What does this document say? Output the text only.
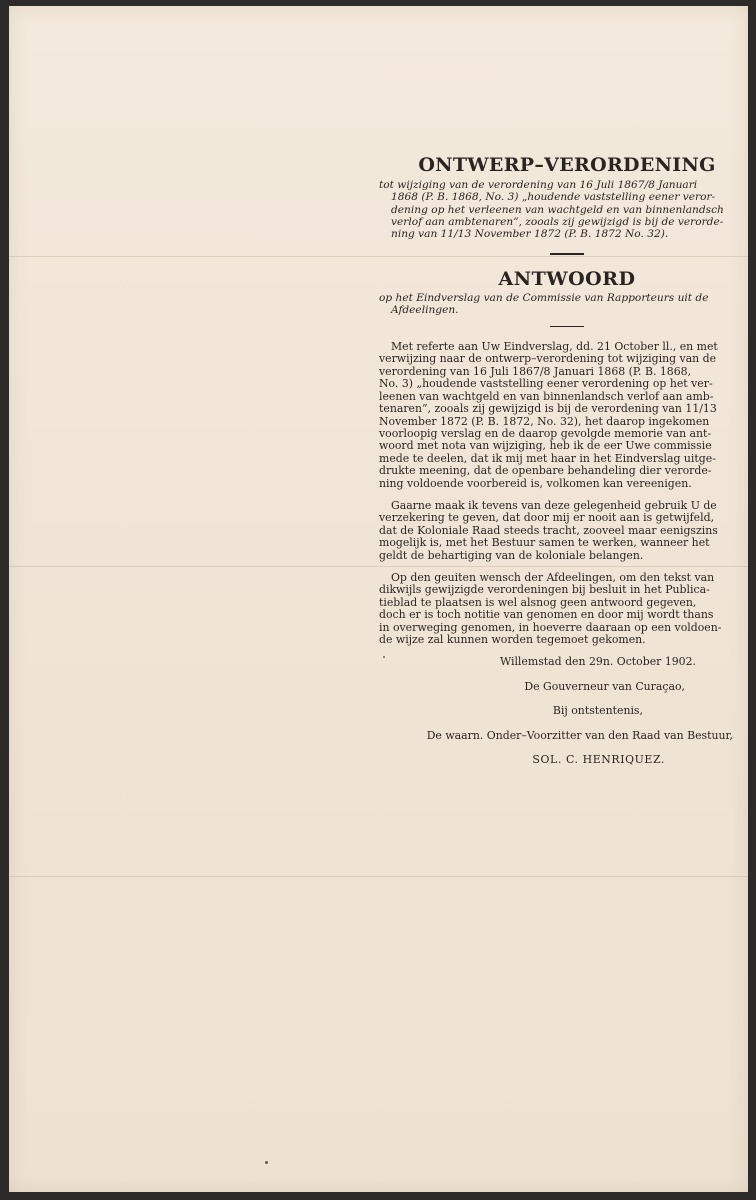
ONTWERP–VERORDENING

tot wijziging van de verordening van 16 Juli 1867/8 Januari
1868 (P. B. 1868, No. 3) „houdende vaststelling eener veror-
dening op het verleenen van wachtgeld en van binnenlandsch
verlof aan ambtenaren”, zooals zij gewijzigd is bij de verorde-
ning van 11/13 November 1872 (P. B. 1872 No. 32).

ANTWOORD

op het Eindverslag van de Commissie van Rapporteurs uit de
Afdeelingen.

Met referte aan Uw Eindverslag, dd. 21 October ll., en met
verwijzing naar de ontwerp–verordening tot wijziging van de
verordening van 16 Juli 1867/8 Januari 1868 (P. B. 1868,
No. 3) „houdende vaststelling eener verordening op het ver-
leenen van wachtgeld en van binnenlandsch verlof aan amb-
tenaren”, zooals zij gewijzigd is bij de verordening van 11/13
November 1872 (P. B. 1872, No. 32), het daarop ingekomen
voorloopig verslag en de daarop gevolgde memorie van ant-
woord met nota van wijziging, heb ik de eer Uwe commissie
mede te deelen, dat ik mij met haar in het Eindverslag uitge-
drukte meening, dat de openbare behandeling dier verorde-
ning voldoende voorbereid is, volkomen kan vereenigen.

Gaarne maak ik tevens van deze gelegenheid gebruik U de
verzekering te geven, dat door mij er nooit aan is getwijfeld,
dat de Koloniale Raad steeds tracht, zooveel maar eenigszins
mogelijk is, met het Bestuur samen te werken, wanneer het
geldt de behartiging van de koloniale belangen.

Op den geuiten wensch der Afdeelingen, om den tekst van
dikwijls gewijzigde verordeningen bij besluit in het Publica-
tieblad te plaatsen is wel alsnog geen antwoord gegeven,
doch er is toch notitie van genomen en door mij wordt thans
in overweging genomen, in hoeverre daaraan op een voldoen-
de wijze zal kunnen worden tegemoet gekomen.

Willemstad den 29n. October 1902.

De Gouverneur van Curaçao,

Bij ontstentenis,

De waarn. Onder–Voorzitter van den Raad van Bestuur,

SOL. C. HENRIQUEZ.
